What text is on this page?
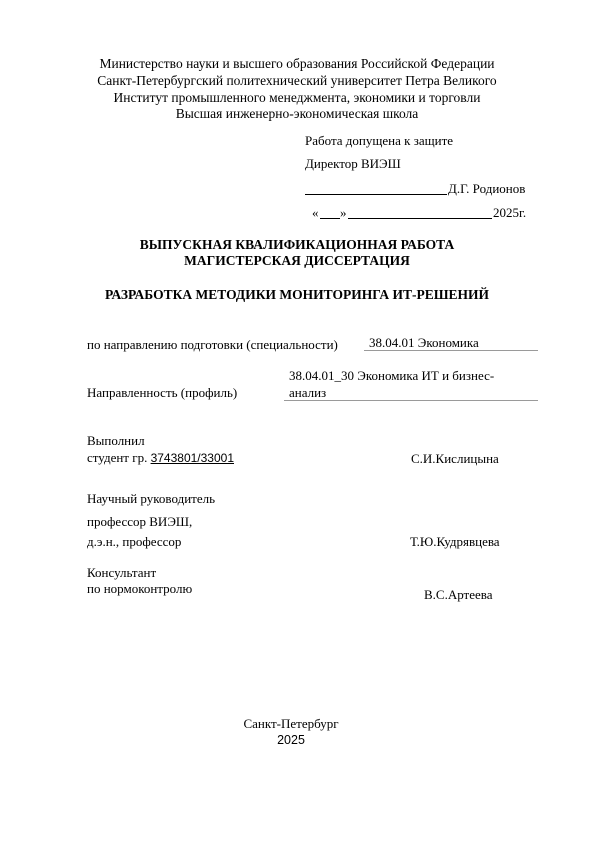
Министерство науки и высшего образования Российской Федерации
Санкт-Петербургский политехнический университет Петра Великого
Институт промышленного менеджмента, экономики и торговли
Высшая инженерно-экономическая школа
Работа допущена к защите
Директор ВИЭШ
Д.Г. Родионов
« »	2025г.
ВЫПУСКНАЯ КВАЛИФИКАЦИОННАЯ РАБОТА
МАГИСТЕРСКАЯ ДИССЕРТАЦИЯ
РАЗРАБОТКА МЕТОДИКИ МОНИТОРИНГА ИТ-РЕШЕНИЙ
по направлению подготовки (специальности) 38.04.01 Экономика
38.04.01_30 Экономика ИТ и бизнес-
Направленность (профиль)	анализ
Выполнил
студент гр. 3743801/33001	С.И.Кислицына
Научный руководитель
профессор ВИЭШ,
д.э.н., профессор	Т.Ю.Кудрявцева
Консультант
по нормоконтролю	В.С.Артеева
Санкт-Петербург
2025
